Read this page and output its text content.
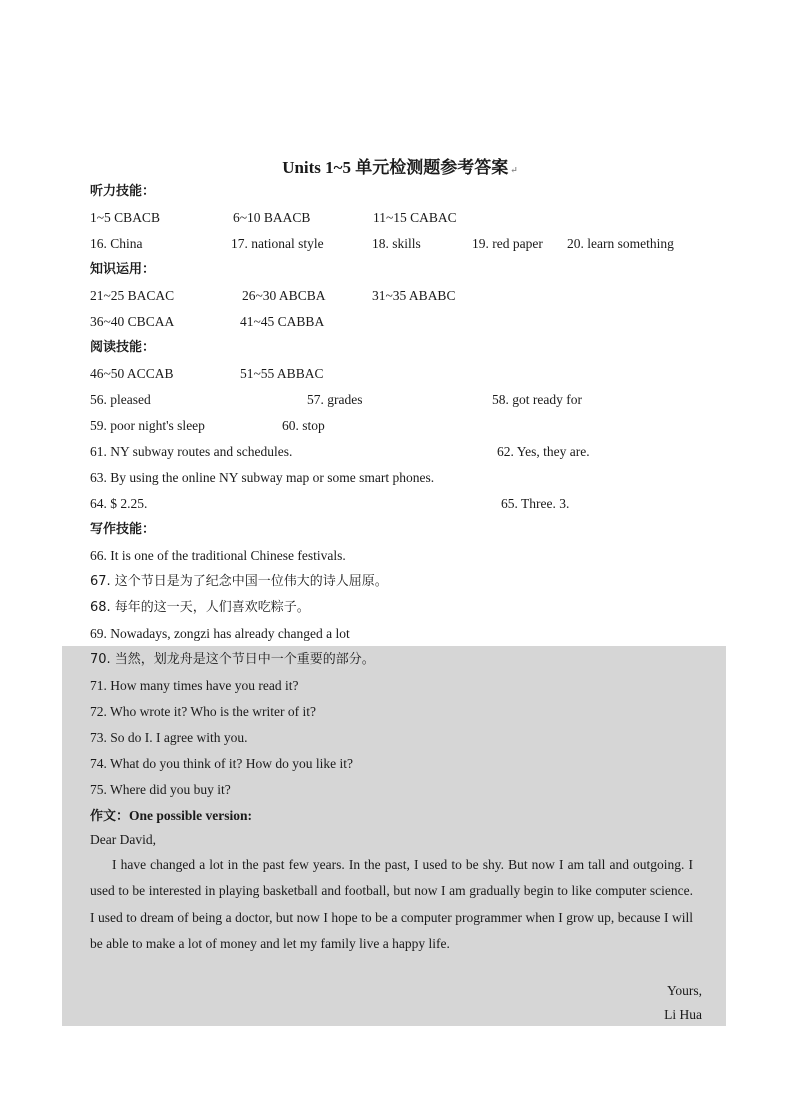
Units 1~5 单元检测题参考答案 ↵
听力技能：
1~5 CBACB	6~10 BAACB	11~15 CABAC
16. China	17. national style	18. skills	19. red paper 20. learn something
知识运用：
21~25 BACAC	26~30 ABCBA	31~35 ABABC
36~40 CBCAA	41~45 CABBA
阅读技能：
46~50 ACCAB	51~55 ABBAC
56. pleased	57. grades	58. got ready for
59. poor night's sleep	60. stop
61. NY subway routes and schedules.	62. Yes, they are.
63. By using the online NY subway map or some smart phones.
64. $ 2.25.	65. Three. 3.
写作技能：
66. It is one of the traditional Chinese festivals.
67. 这个节日是为了纪念中国一位伟大的诗人屈原。
68. 每年的这一天，人们喜欢吃粽子。
69. Nowadays, zongzi has already changed a lot
70. 当然，划龙舟是这个节日中一个重要的部分。
71. How many times have you read it?
72. Who wrote it? Who is the writer of it?
73. So do I. I agree with you.
74. What do you think of it? How do you like it?
75. Where did you buy it?
作文：One possible version:
Dear David,
I have changed a lot in the past few years. In the past, I used to be shy. But now I am tall and outgoing. I used to be interested in playing basketball and football, but now I am gradually begin to like computer science. I used to dream of being a doctor, but now I hope to be a computer programmer when I grow up, because I will be able to make a lot of money and let my family live a happy life.
Yours,
Li Hua
